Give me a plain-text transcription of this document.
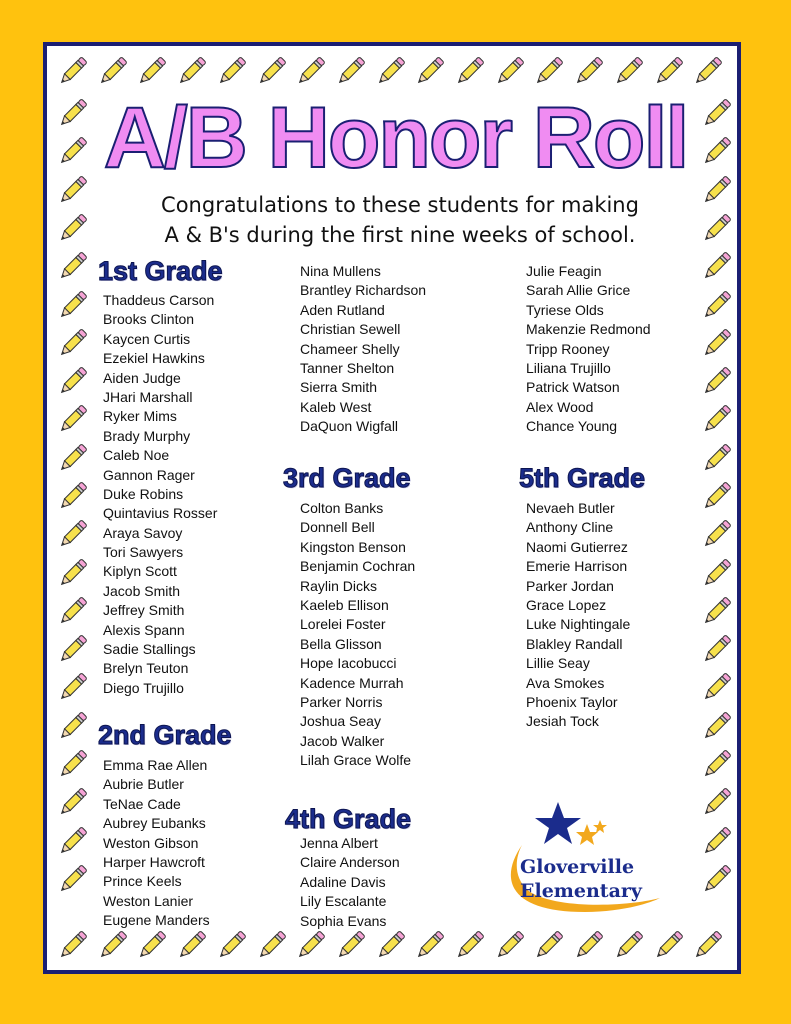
A/B Honor Roll
Congratulations to these students for making
A & B's during the first nine weeks of school.
1st Grade
Thaddeus Carson
Brooks Clinton
Kaycen Curtis
Ezekiel Hawkins
Aiden Judge
JHari Marshall
Ryker Mims
Brady Murphy
Caleb Noe
Gannon Rager
Duke Robins
Quintavius Rosser
Araya Savoy
Tori Sawyers
Kiplyn Scott
Jacob Smith
Jeffrey Smith
Alexis Spann
Sadie Stallings
Brelyn Teuton
Diego Trujillo
2nd Grade
Emma Rae Allen
Aubrie Butler
TeNae Cade
Aubrey Eubanks
Weston Gibson
Harper Hawcroft
Prince Keels
Weston Lanier
Eugene Manders
Nina Mullens
Brantley Richardson
Aden Rutland
Christian Sewell
Chameer Shelly
Tanner Shelton
Sierra Smith
Kaleb West
DaQuon Wigfall
3rd Grade
Colton Banks
Donnell Bell
Kingston Benson
Benjamin Cochran
Raylin Dicks
Kaeleb Ellison
Lorelei Foster
Bella Glisson
Hope Iacobucci
Kadence Murrah
Parker Norris
Joshua Seay
Jacob Walker
Lilah Grace Wolfe
4th Grade
Jenna Albert
Claire Anderson
Adaline Davis
Lily Escalante
Sophia Evans
Julie Feagin
Sarah Allie Grice
Tyriese Olds
Makenzie Redmond
Tripp Rooney
Liliana Trujillo
Patrick Watson
Alex Wood
Chance Young
5th Grade
Nevaeh Butler
Anthony Cline
Naomi Gutierrez
Emerie Harrison
Parker Jordan
Grace Lopez
Luke Nightingale
Blakley Randall
Lillie Seay
Ava Smokes
Phoenix Taylor
Jesiah Tock
Gloverville
Elementary
